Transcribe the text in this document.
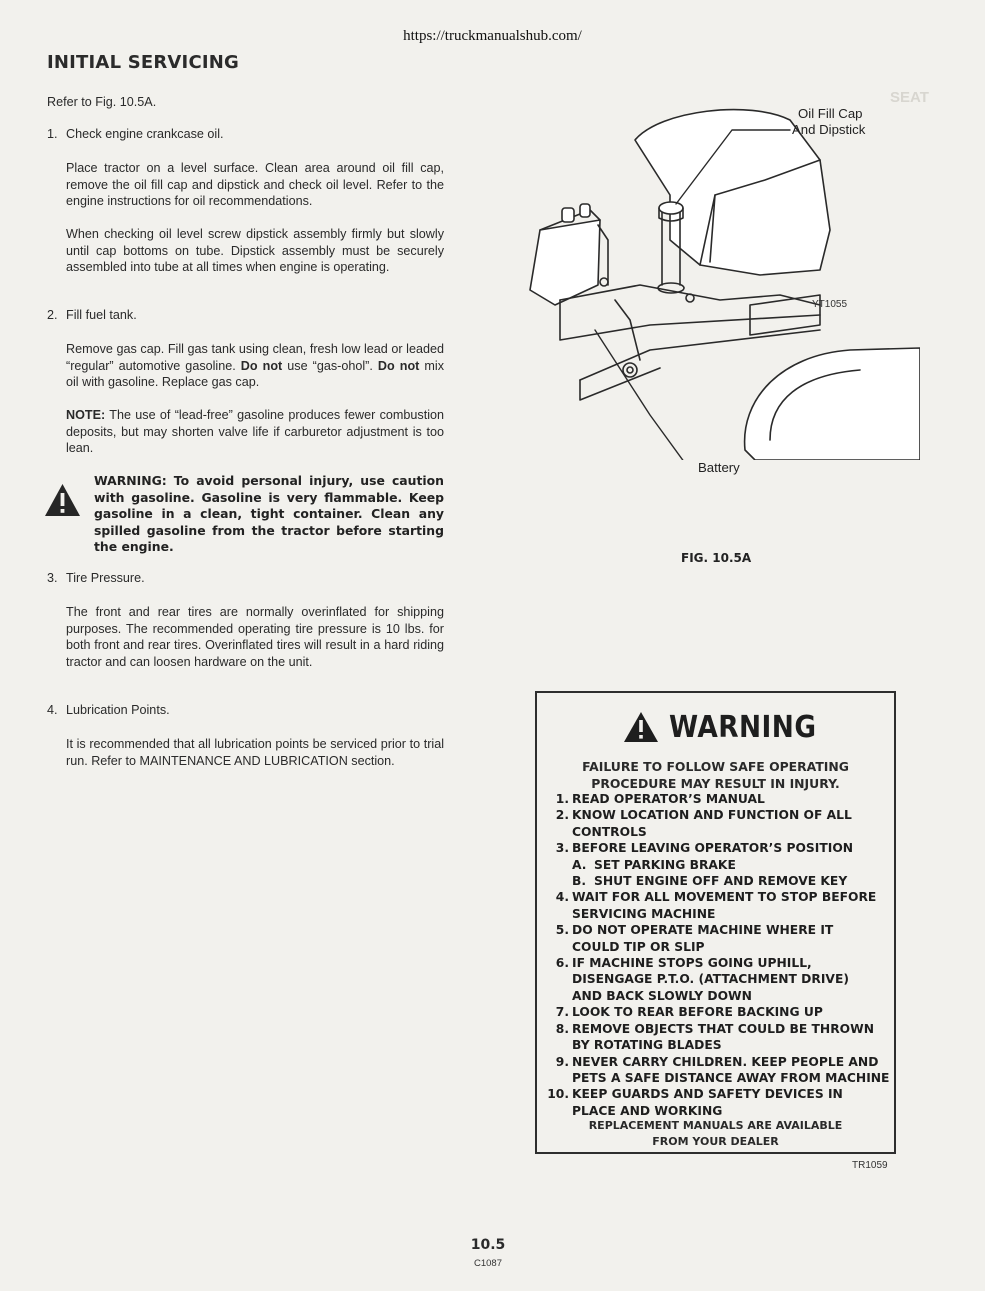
https://truckmanualshub.com/
INITIAL SERVICING
SEAT
Refer to Fig. 10.5A.
1. Check engine crankcase oil.

Place tractor on a level surface. Clean area around oil fill cap, remove the oil fill cap and dipstick and check oil level. Refer to the engine instructions for oil recommendations.

When checking oil level screw dipstick assembly firmly but slowly until cap bottoms on tube. Dipstick assembly must be securely assembled into tube at all times when engine is operating.

2. Fill fuel tank.

Remove gas cap. Fill gas tank using clean, fresh low lead or leaded “regular” automotive gasoline. Do not use “gas-ohol”. Do not mix oil with gasoline. Replace gas cap.

NOTE: The use of “lead-free” gasoline produces fewer combustion deposits, but may shorten valve life if carburetor adjustment is too lean.

WARNING: To avoid personal injury, use caution with gasoline. Gasoline is very flammable. Keep gasoline in a clean, tight container. Clean any spilled gasoline from the tractor before starting the engine.
3. Tire Pressure.

The front and rear tires are normally overinflated for shipping purposes. The recommended operating tire pressure is 10 lbs. for both front and rear tires. Overinflated tires will result in a hard riding tractor and can loosen hardware on the unit.

4. Lubrication Points.

It is recommended that all lubrication points be serviced prior to trial run. Refer to MAINTENANCE AND LUBRICATION section.

Oil Fill Cap
And Dipstick
Battery
YT1055
FIG. 10.5A
WARNING
FAILURE TO FOLLOW SAFE OPERATING
PROCEDURE MAY RESULT IN INJURY.
1. READ OPERATOR’S MANUAL
2. KNOW LOCATION AND FUNCTION OF ALL
CONTROLS
3. BEFORE LEAVING OPERATOR’S POSITION
A. SET PARKING BRAKE
B. SHUT ENGINE OFF AND REMOVE KEY
4. WAIT FOR ALL MOVEMENT TO STOP BEFORE
SERVICING MACHINE
5. DO NOT OPERATE MACHINE WHERE IT
COULD TIP OR SLIP
6. IF MACHINE STOPS GOING UPHILL,
DISENGAGE P.T.O. (ATTACHMENT DRIVE)
AND BACK SLOWLY DOWN
7. LOOK TO REAR BEFORE BACKING UP
8. REMOVE OBJECTS THAT COULD BE THROWN
BY ROTATING BLADES
9. NEVER CARRY CHILDREN. KEEP PEOPLE AND
PETS A SAFE DISTANCE AWAY FROM MACHINE
10. KEEP GUARDS AND SAFETY DEVICES IN
PLACE AND WORKING
REPLACEMENT MANUALS ARE AVAILABLE
FROM YOUR DEALER
TR1059
10.5
C1087
